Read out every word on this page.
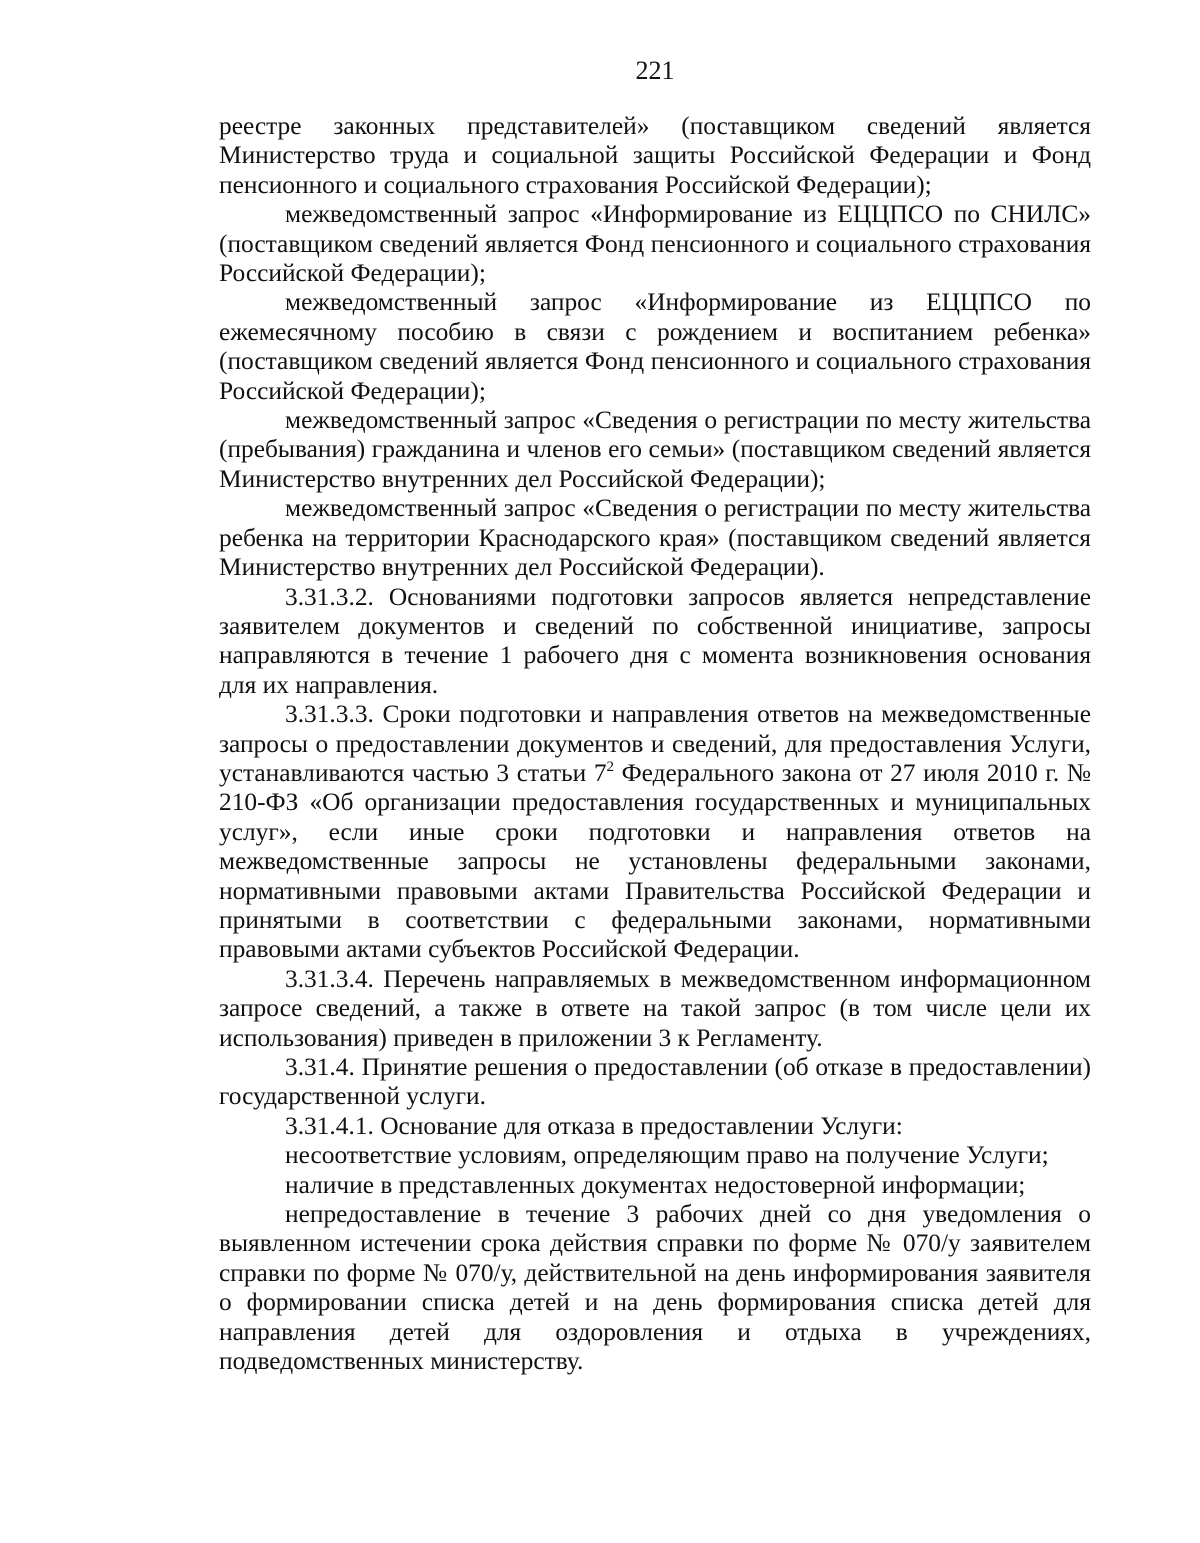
221

реестре законных представителей» (поставщиком сведений является Министерство труда и социальной защиты Российской Федерации и Фонд пенсионного и социального страхования Российской Федерации);

межведомственный запрос «Информирование из ЕЦЦПСО по СНИЛС» (поставщиком сведений является Фонд пенсионного и социального страхования Российской Федерации);

межведомственный запрос «Информирование из ЕЦЦПСО по ежемесячному пособию в связи с рождением и воспитанием ребенка» (поставщиком сведений является Фонд пенсионного и социального страхования Российской Федерации);

межведомственный запрос «Сведения о регистрации по месту жительства (пребывания) гражданина и членов его семьи» (поставщиком сведений является Министерство внутренних дел Российской Федерации);

межведомственный запрос «Сведения о регистрации по месту жительства ребенка на территории Краснодарского края» (поставщиком сведений является Министерство внутренних дел Российской Федерации).

3.31.3.2. Основаниями подготовки запросов является непредставление заявителем документов и сведений по собственной инициативе, запросы направляются в течение 1 рабочего дня с момента возникновения основания для их направления.

3.31.3.3. Сроки подготовки и направления ответов на межведомственные запросы о предоставлении документов и сведений, для предоставления Услуги, устанавливаются частью 3 статьи $7^2$ Федерального закона от 27 июля 2010 г. № 210-ФЗ «Об организации предоставления государственных и муниципальных услуг», если иные сроки подготовки и направления ответов на межведомственные запросы не установлены федеральными законами, нормативными правовыми актами Правительства Российской Федерации и принятыми в соответствии с федеральными законами, нормативными правовыми актами субъектов Российской Федерации.

3.31.3.4. Перечень направляемых в межведомственном информационном запросе сведений, а также в ответе на такой запрос (в том числе цели их использования) приведен в приложении 3 к Регламенту.

3.31.4. Принятие решения о предоставлении (об отказе в предоставлении) государственной услуги.

3.31.4.1. Основание для отказа в предоставлении Услуги:

несоответствие условиям, определяющим право на получение Услуги;

наличие в представленных документах недостоверной информации;

непредоставление в течение 3 рабочих дней со дня уведомления о выявленном истечении срока действия справки по форме № 070/у заявителем справки по форме № 070/у, действительной на день информирования заявителя о формировании списка детей и на день формирования списка детей для направления детей для оздоровления и отдыха в учреждениях, подведомственных министерству.
